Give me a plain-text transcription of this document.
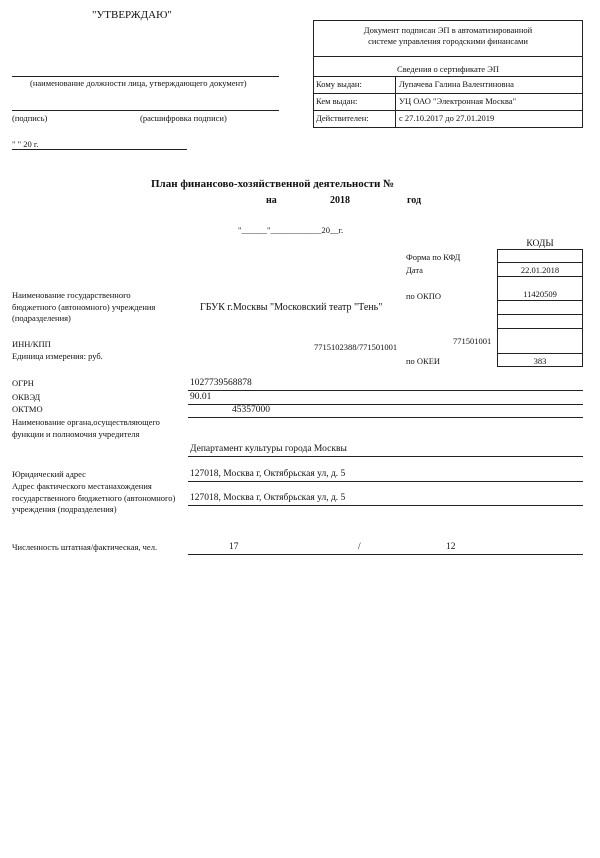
"УТВЕРЖДАЮ"
(наименование должности лица, утверждающего документ)
(подпись)	(расшифровка подписи)
" " 20 г.
Документ подписан ЭП в автоматизированной
системе управления городскими финансами
Сведения о сертификате ЭП
Кому выдан:	Лупачева Галина Валентиновна
Кем выдан:	УЦ ОАО "Электронная Москва"
Действителен:	с 27.10.2017 до 27.01.2019
План финансово-хозяйственной деятельности №
на	2018	год
"______"____________20__г.
КОДЫ
Форма по КФД
Дата	22.01.2018
по ОКПО	11420509
771501001
по ОКЕИ	383
Наименование государственного бюджетного (автономного) учреждения (подразделения)
ГБУК г.Москвы "Московский театр "Тень"
ИНН/КПП	7715102388/771501001
Единица измерения: руб.
ОГРН	1027739568878
ОКВЭД	90.01
ОКТМО	45357000
Наименование органа,осуществляющего функции и полномочия учредителя
Департамент культуры города Москвы
Юридический адрес	127018, Москва г, Октябрьская ул, д. 5
Адрес фактического местанахождения государственного бюджетного (автономного) учреждения (подразделения)
127018, Москва г, Октябрьская ул, д. 5
Численность штатная/фактическая, чел.	17	/	12
